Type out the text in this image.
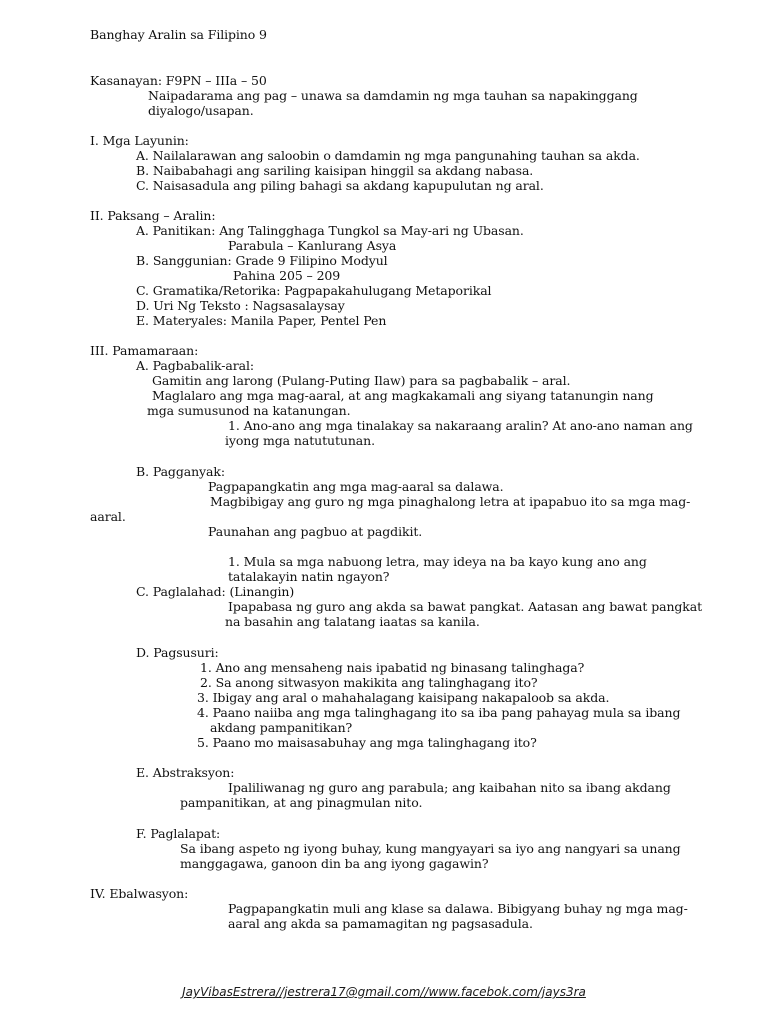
Banghay Aralin sa Filipino 9
Kasanayan: F9PN – IIIa – 50
Naipadarama ang pag – unawa sa damdamin ng mga tauhan sa napakinggang
diyalogo/usapan.
I. Mga Layunin:
A. Nailalarawan ang saloobin o damdamin ng mga pangunahing tauhan sa akda.
B. Naibabahagi ang sariling kaisipan hinggil sa akdang nabasa.
C. Naisasadula ang piling bahagi sa akdang kapupulutan ng aral.
II. Paksang – Aralin:
A. Panitikan: Ang Talingghaga Tungkol sa May-ari ng Ubasan.
Parabula – Kanlurang Asya
B. Sanggunian: Grade 9 Filipino Modyul
Pahina 205 – 209
C. Gramatika/Retorika: Pagpapakahulugang Metaporikal
D. Uri Ng Teksto : Nagsasalaysay
E. Materyales: Manila Paper, Pentel Pen
III. Pamamaraan:
A. Pagbabalik-aral:
Gamitin ang larong (Pulang-Puting Ilaw) para sa pagbabalik – aral.
Maglalaro ang mga mag-aaral, at ang magkakamali ang siyang tatanungin nang
mga sumusunod na katanungan.
1. Ano-ano ang mga tinalakay sa nakaraang aralin? At ano-ano naman ang
iyong mga natututunan.
B. Pagganyak:
Pagpapangkatin ang mga mag-aaral sa dalawa.
Magbibigay ang guro ng mga pinaghalong letra at ipapabuo ito sa mga mag-
aaral.
Paunahan ang pagbuo at pagdikit.
1. Mula sa mga nabuong letra, may ideya na ba kayo kung ano ang
tatalakayin natin ngayon?
C. Paglalahad: (Linangin)
Ipapabasa ng guro ang akda sa bawat pangkat. Aatasan ang bawat pangkat
na basahin ang talatang iaatas sa kanila.
D. Pagsusuri:
1. Ano ang mensaheng nais ipabatid ng binasang talinghaga?
2. Sa anong sitwasyon makikita ang talinghagang ito?
3. Ibigay ang aral o mahahalagang kaisipang nakapaloob sa akda.
4. Paano naiiba ang mga talinghagang ito sa iba pang pahayag mula sa ibang
akdang pampanitikan?
5. Paano mo maisasabuhay ang mga talinghagang ito?
E. Abstraksyon:
Ipaliliwanag ng guro ang parabula; ang kaibahan nito sa ibang akdang
pampanitikan, at ang pinagmulan nito.
F. Paglalapat:
Sa ibang aspeto ng iyong buhay, kung mangyayari sa iyo ang nangyari sa unang
manggagawa, ganoon din ba ang iyong gagawin?
IV. Ebalwasyon:
Pagpapangkatin muli ang klase sa dalawa. Bibigyang buhay ng mga mag-
aaral ang akda sa pamamagitan ng pagsasadula.
JayVibasEstrera//jestrera17@gmail.com//www.facebok.com/jays3ra
